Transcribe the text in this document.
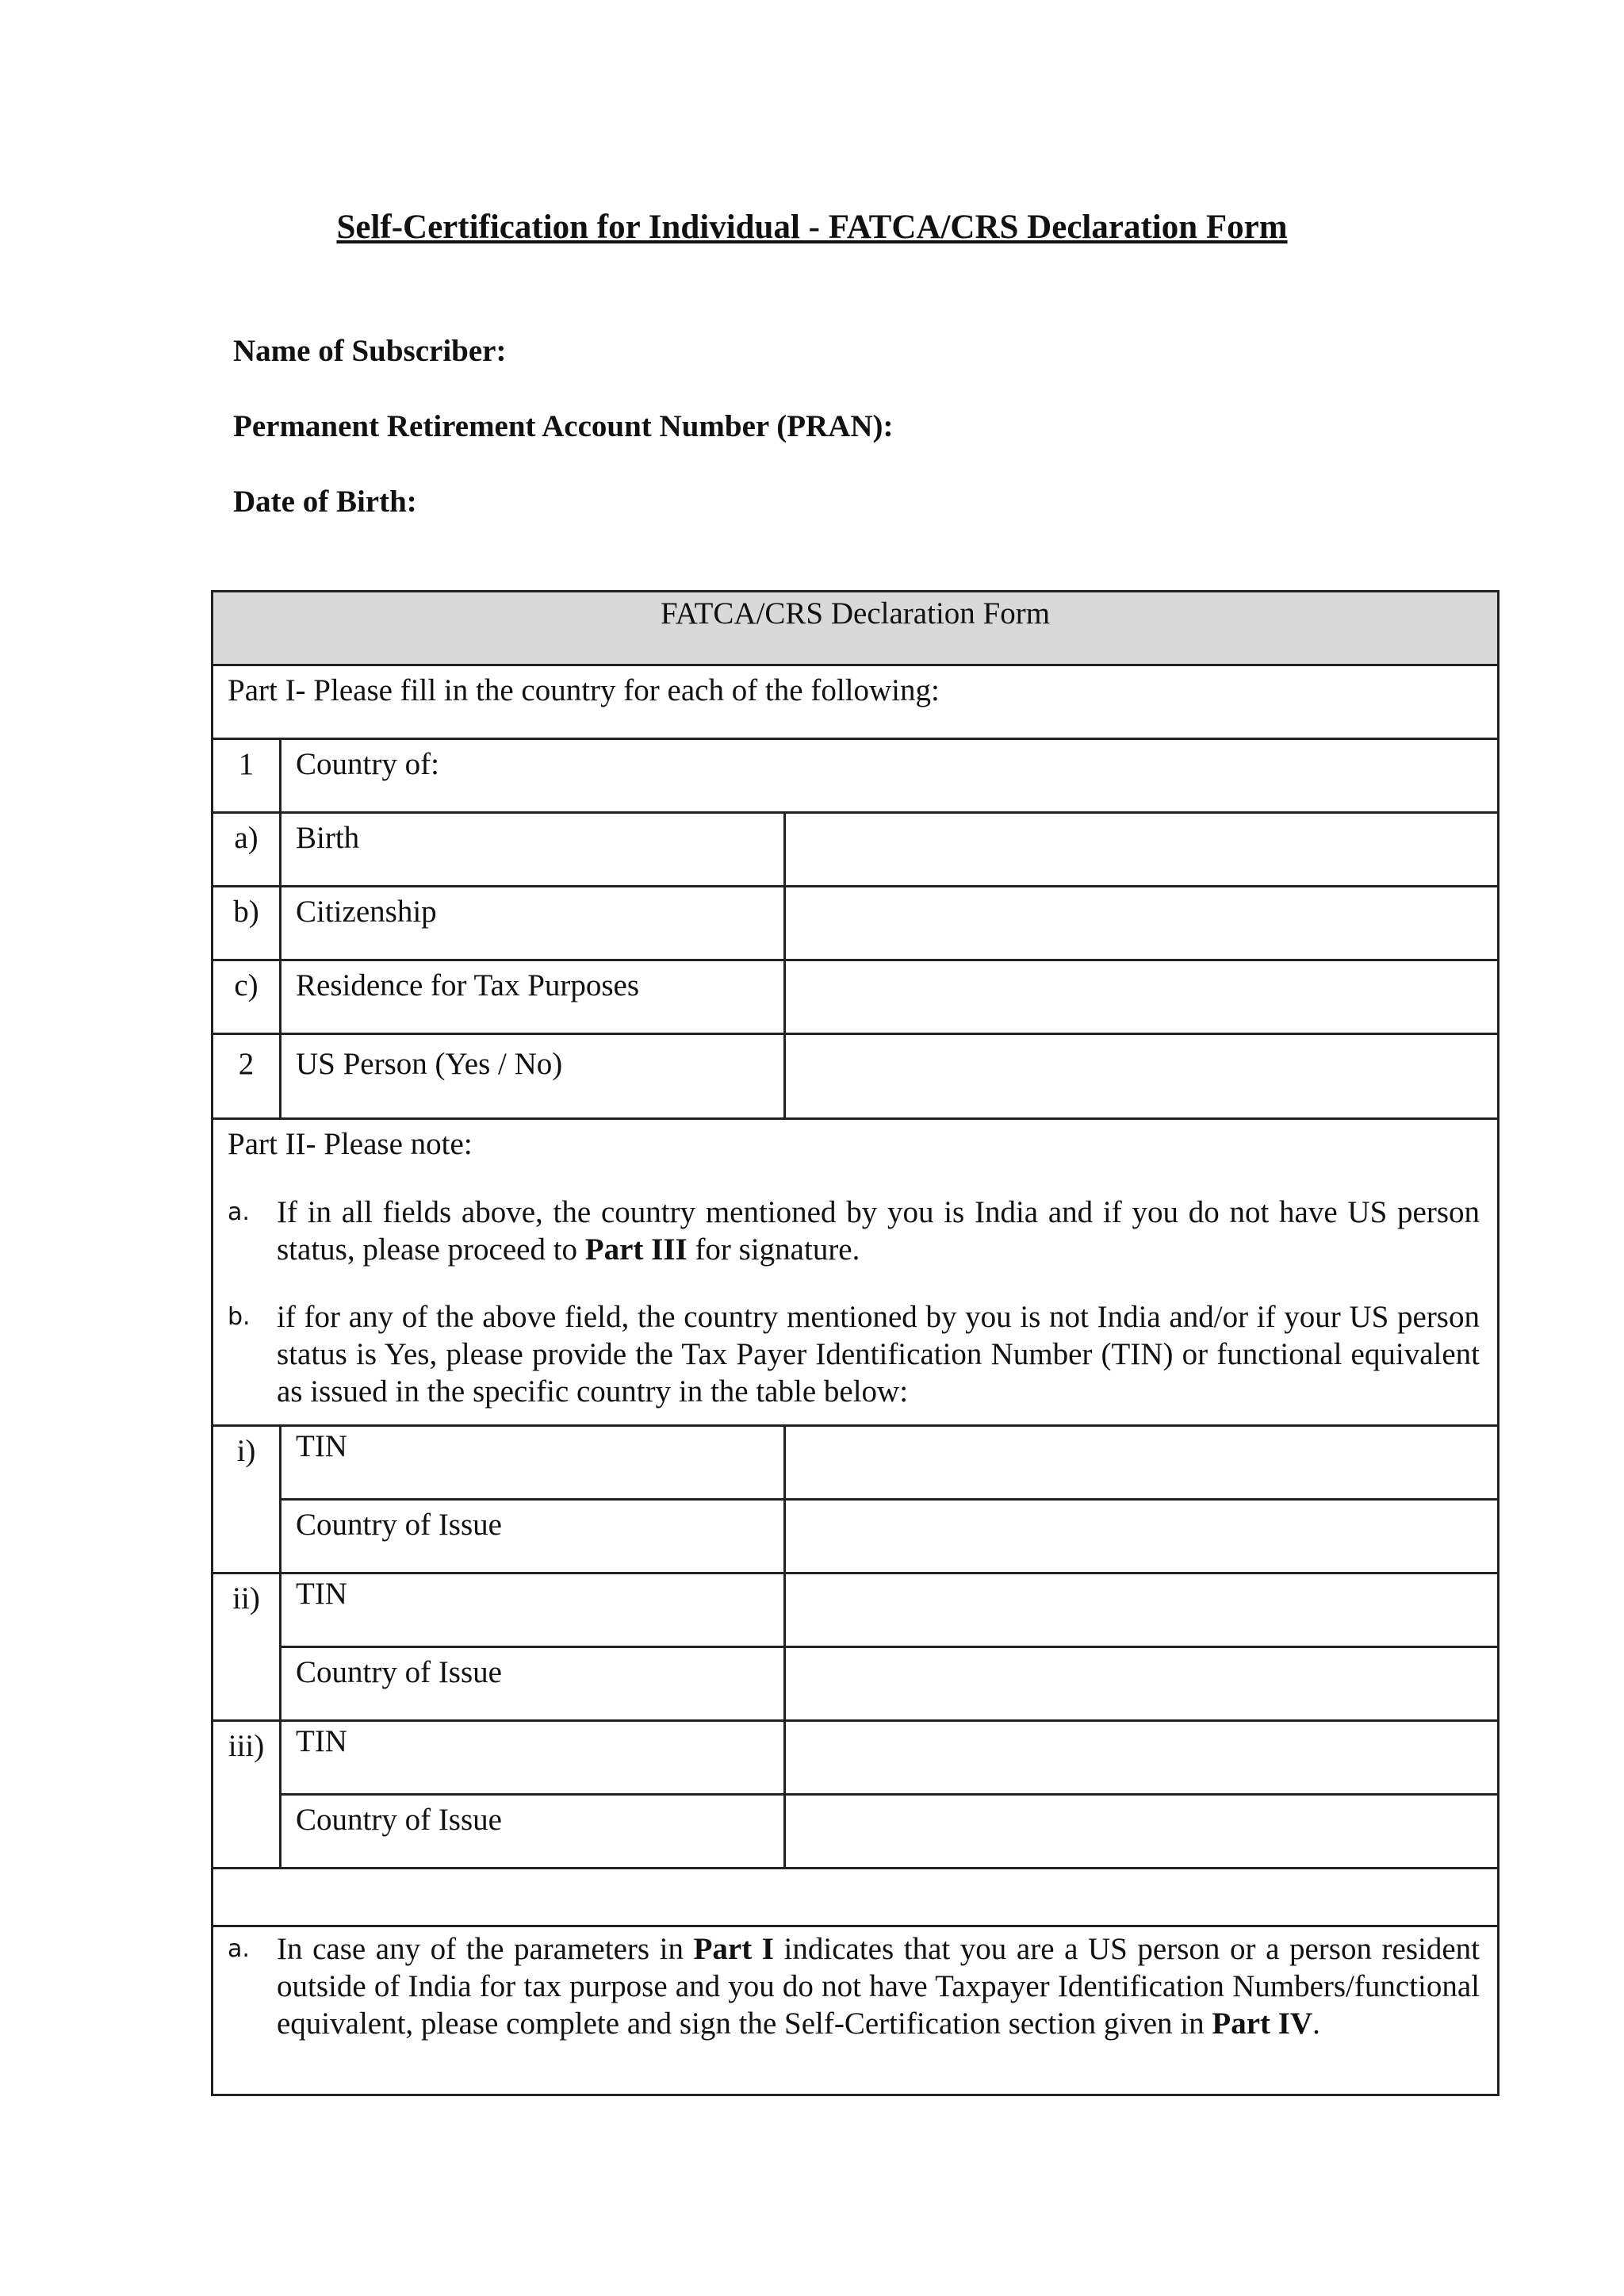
Self-Certification for Individual - FATCA/CRS Declaration Form
Name of Subscriber:
Permanent Retirement Account Number (PRAN):
Date of Birth:
FATCA/CRS Declaration Form		
Part I- Please fill in the country for each of the following:		
1	Country of:	
a)	Birth	
b)	Citizenship	
c)	Residence for Tax Purposes	
2	US Person (Yes / No)	

Part II- Please note:
a. If in all fields above, the country mentioned by you is India and if you do not have US person status, please proceed to Part III for signature.
b. if for any of the above field, the country mentioned by you is not India and/or if your US person status is Yes, please provide the Tax Payer Identification Number (TIN) or functional equivalent as issued in the specific country in the table below:		

i)	TIN	
	Country of Issue	
ii)	TIN	
	Country of Issue	
iii)	TIN	
	Country of Issue	

a. In case any of the parameters in Part I indicates that you are a US person or a person resident outside of India for tax purpose and you do not have Taxpayer Identification Numbers/functional equivalent, please complete and sign the Self-Certification section given in Part IV.		
